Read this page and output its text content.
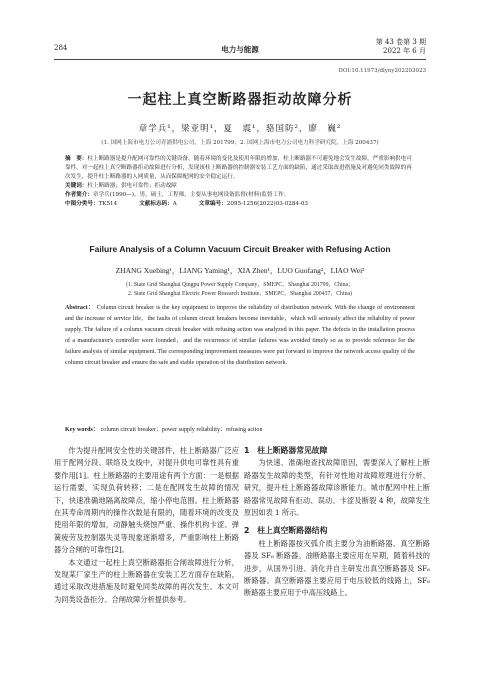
284	电力与能源
第 43 卷第 3 期
2022 年 6 月
DOI:10.11973/dlyny202203023
一起柱上真空断路器拒动故障分析
章学兵¹，梁亚明¹，夏　震¹，骆国防²，廖　巍²
(1. 国网上海市电力公司青浦供电公司，上海 201799；2. 国网上海市电力公司电力科学研究院，上海 200437)

摘　要：柱上断路器是提升配网可靠性的关键设备，随着环境的变化及使用年限的增加，柱上断路器不可避免地会发生故障，严重影响供电可靠性。对一起柱上真空断路器拒动故障进行分析，发现该柱上断路器的控制器安装工艺方面的缺陷，通过采取改进措施及对避免同类故障的再次发生，提升柱上断路器的人网质量，从而保障配网的安全稳定运行。

关键词：柱上断路器；供电可靠性；拒动故障

作者简介：章学兵(1990—)，男，硕士，工程师，主要从事电网设备监督(材料)监督工作。

中图分类号：TK514	文献标志码：A	文章编号：2095-1256(2022)03-0284-03

Failure Analysis of a Column Vacuum Circuit Breaker with Refusing Action
ZHANG Xuebing¹，LIANG Yaming¹，XIA Zhen¹，LUO Guofang²，LIAO Wei²
(1. State Grid Shanghai Qingpu Power Supply Company，SMEPC，Shanghai 201799，China；
2. State Grid Shanghai Electric Power Research Institute，SMEPC，Shanghai 200437，China)
Abstract： Column circuit breaker is the key equipment to improve the reliability of distribution network. With the change of environment and the increase of service life，the faults of column circuit breakers become inevitable，which will seriously affect the reliability of power supply. The failure of a column vacuum circuit breaker with refusing action was analyzed in this paper. The defects in the installation process of a manufacturer's controller were founded，and the recurrence of similar failures was avoided timely so as to provide reference for the failure analysis of similar equipment. The corresponding improvement measures were put forward to improve the network access quality of the column circuit breaker and ensure the safe and stable operation of the distribution network.
Key words： column circuit breaker；power supply reliability；refusing action

作为提升配网安全性的关键部件，柱上断路器广泛应用于配网分段、联络及支线中，对提升供电可靠性具有重要作用[1]。柱上断路器的主要用途有两个方面：一是根据运行需要，实现负荷转移；二是在配网发生故障的情况下，快速准确地隔离故障点，缩小停电范围。柱上断路器在其寿命周期内的操作次数是有限的，随着环境的改变及使用年限的增加，动静触头烧蚀严重、操作机构卡涩、弹簧疲劳及控制器失灵等现象逐渐增多，严重影响柱上断路器分合闸的可靠性[2]。

本文通过一起柱上真空断路器拒合闸故障进行分析，发现某厂家生产的柱上断路器在安装工艺方面存在缺陷，通过采取改进措施及时避免同类故障的再次发生。本文可为同类设备拒分、合闸故障分析提供参考。

1　柱上断路器常见故障

为快速、准确地查找故障原因，需要深入了解柱上断路器发生故障的类型，有针对性地对故障原理进行分析、研究，提升柱上断路器故障诊断能力。城市配网中柱上断路器常见故障有拒动、误动、卡涩及断裂 4 种，故障发生原因如表 1 所示。

2　柱上真空断路器结构

柱上断路器按灭弧介质主要分为油断路器、真空断路器及 SF₆ 断路器。油断路器主要应用在早期，随着科技的进步，从国外引进、消化并自主研发出真空断路器及 SF₆ 断路器。真空断路器主要应用于电压较低的线路上，SF₆ 断路器主要应用于中高压线路上。
